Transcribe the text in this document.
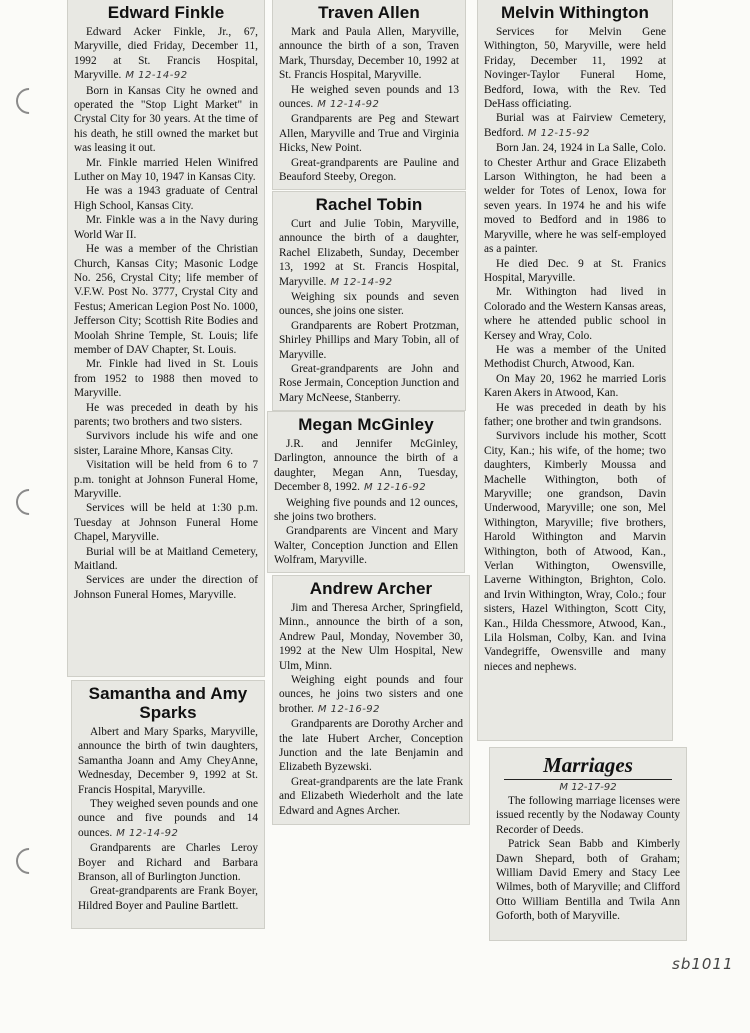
Edward Finkle

Edward Acker Finkle, Jr., 67, Maryville, died Friday, December 11, 1992 at St. Francis Hospital, Maryville. M 12-14-92

Born in Kansas City he owned and operated the "Stop Light Market" in Crystal City for 30 years. At the time of his death, he still owned the market but was leasing it out.

Mr. Finkle married Helen Winifred Luther on May 10, 1947 in Kansas City.

He was a 1943 graduate of Central High School, Kansas City.

Mr. Finkle was a in the Navy during World War II.

He was a member of the Christian Church, Kansas City; Masonic Lodge No. 256, Crystal City; life member of V.F.W. Post No. 3777, Crystal City and Festus; American Legion Post No. 1000, Jefferson City; Scottish Rite Bodies and Moolah Shrine Temple, St. Louis; life member of DAV Chapter, St. Louis.

Mr. Finkle had lived in St. Louis from 1952 to 1988 then moved to Maryville.

He was preceded in death by his parents; two brothers and two sisters.

Survivors include his wife and one sister, Laraine Mhore, Kansas City.

Visitation will be held from 6 to 7 p.m. tonight at Johnson Funeral Home, Maryville.

Services will be held at 1:30 p.m. Tuesday at Johnson Funeral Home Chapel, Maryville.

Burial will be at Maitland Cemetery, Maitland.

Services are under the direction of Johnson Funeral Homes, Maryville.

Samantha and Amy Sparks

Albert and Mary Sparks, Maryville, announce the birth of twin daughters, Samantha Joann and Amy CheyAnne, Wednesday, December 9, 1992 at St. Francis Hospital, Maryville.

They weighed seven pounds and one ounce and five pounds and 14 ounces. M 12-14-92

Grandparents are Charles Leroy Boyer and Richard and Barbara Branson, all of Burlington Junction.

Great-grandparents are Frank Boyer, Hildred Boyer and Pauline Bartlett.

Traven Allen

Mark and Paula Allen, Maryville, announce the birth of a son, Traven Mark, Thursday, December 10, 1992 at St. Francis Hospital, Maryville.

He weighed seven pounds and 13 ounces. M 12-14-92

Grandparents are Peg and Stewart Allen, Maryville and True and Virginia Hicks, New Point.

Great-grandparents are Pauline and Beauford Steeby, Oregon.

Rachel Tobin

Curt and Julie Tobin, Maryville, announce the birth of a daughter, Rachel Elizabeth, Sunday, December 13, 1992 at St. Francis Hospital, Maryville. M 12-14-92

Weighing six pounds and seven ounces, she joins one sister.

Grandparents are Robert Protzman, Shirley Phillips and Mary Tobin, all of Maryville.

Great-grandparents are John and Rose Jermain, Conception Junction and Mary McNeese, Stanberry.

Megan McGinley

J.R. and Jennifer McGinley, Darlington, announce the birth of a daughter, Megan Ann, Tuesday, December 8, 1992. M 12-16-92

Weighing five pounds and 12 ounces, she joins two brothers.

Grandparents are Vincent and Mary Walter, Conception Junction and Ellen Wolfram, Maryville.

Andrew Archer

Jim and Theresa Archer, Springfield, Minn., announce the birth of a son, Andrew Paul, Monday, November 30, 1992 at the New Ulm Hospital, New Ulm, Minn.

Weighing eight pounds and four ounces, he joins two sisters and one brother. M 12-16-92

Grandparents are Dorothy Archer and the late Hubert Archer, Conception Junction and the late Benjamin and Elizabeth Byzewski.

Great-grandparents are the late Frank and Elizabeth Wiederholt and the late Edward and Agnes Archer.

Melvin Withington

Services for Melvin Gene Withington, 50, Maryville, were held Friday, December 11, 1992 at Novinger-Taylor Funeral Home, Bedford, Iowa, with the Rev. Ted DeHass officiating.

Burial was at Fairview Cemetery, Bedford. M 12-15-92

Born Jan. 24, 1924 in La Salle, Colo. to Chester Arthur and Grace Elizabeth Larson Withington, he had been a welder for Totes of Lenox, Iowa for seven years. In 1974 he and his wife moved to Bedford and in 1986 to Maryville, where he was self-employed as a painter.

He died Dec. 9 at St. Franics Hospital, Maryville.

Mr. Withington had lived in Colorado and the Western Kansas areas, where he attended public school in Kersey and Wray, Colo.

He was a member of the United Methodist Church, Atwood, Kan.

On May 20, 1962 he married Loris Karen Akers in Atwood, Kan.

He was preceded in death by his father; one brother and twin grandsons.

Survivors include his mother, Scott City, Kan.; his wife, of the home; two daughters, Kimberly Moussa and Machelle Withington, both of Maryville; one grandson, Davin Underwood, Maryville; one son, Mel Withington, Maryville; five brothers, Harold Withington and Marvin Withington, both of Atwood, Kan., Verlan Withington, Owensville, Laverne Withington, Brighton, Colo. and Irvin Withington, Wray, Colo.; four sisters, Hazel Withington, Scott City, Kan., Hilda Chessmore, Atwood, Kan., Lila Holsman, Colby, Kan. and Ivina Vandegriffe, Owensville and many nieces and nephews.

Marriages
M 12-17-92

The following marriage licenses were issued recently by the Nodaway County Recorder of Deeds.

Patrick Sean Babb and Kimberly Dawn Shepard, both of Graham; William David Emery and Stacy Lee Wilmes, both of Maryville; and Clifford Otto William Bentilla and Twila Ann Goforth, both of Maryville.

sb1011
